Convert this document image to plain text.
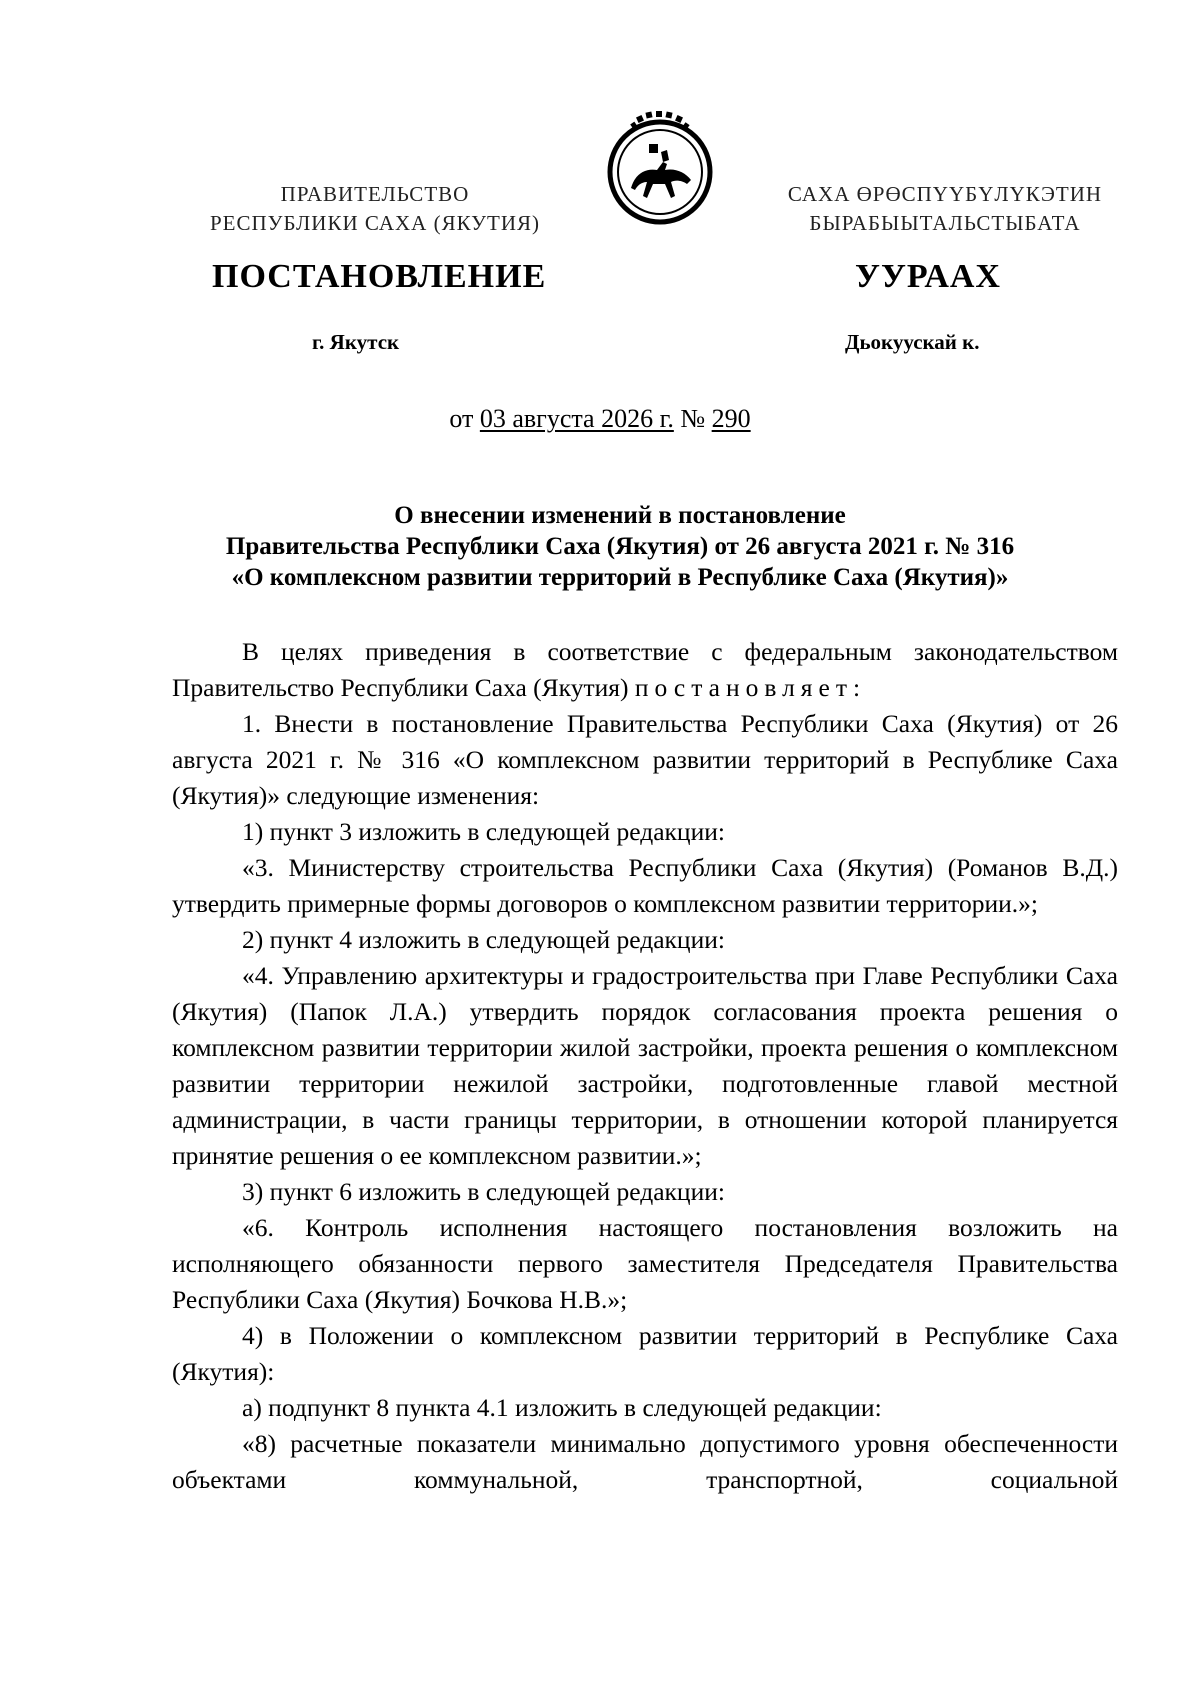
ПРАВИТЕЛЬСТВО
РЕСПУБЛИКИ САХА (ЯКУТИЯ)
САХА ӨРӨСПҮҮБҮЛҮКЭТИН
БЫРАБЫЫТАЛЬСТЫБАТА
ПОСТАНОВЛЕНИЕ	УУРААХ
г. Якутск	Дьокуускай к.
от 03 августа 2026 г. № 290
О внесении изменений в постановление
Правительства Республики Саха (Якутия) от 26 августа 2021 г. № 316
«О комплексном развитии территорий в Республике Саха (Якутия)»

В целях приведения в соответствие с федеральным законодательством Правительство Республики Саха (Якутия) постановляет:

1. Внести в постановление Правительства Республики Саха (Якутия) от 26 августа 2021 г. № 316 «О комплексном развитии территорий в Республике Саха (Якутия)» следующие изменения:

1) пункт 3 изложить в следующей редакции:

«3. Министерству строительства Республики Саха (Якутия) (Романов В.Д.) утвердить примерные формы договоров о комплексном развитии территории.»;

2) пункт 4 изложить в следующей редакции:

«4. Управлению архитектуры и градостроительства при Главе Республики Саха (Якутия) (Папок Л.А.) утвердить порядок согласования проекта решения о комплексном развитии территории жилой застройки, проекта решения о комплексном развитии территории нежилой застройки, подготовленные главой местной администрации, в части границы территории, в отношении которой планируется принятие решения о ее комплексном развитии.»;

3) пункт 6 изложить в следующей редакции:

«6. Контроль исполнения настоящего постановления возложить на исполняющего обязанности первого заместителя Председателя Правительства Республики Саха (Якутия) Бочкова Н.В.»;

4) в Положении о комплексном развитии территорий в Республике Саха (Якутия):

а) подпункт 8 пункта 4.1 изложить в следующей редакции:

«8) расчетные показатели минимально допустимого уровня обеспеченности объектами коммунальной, транспортной, социальной
